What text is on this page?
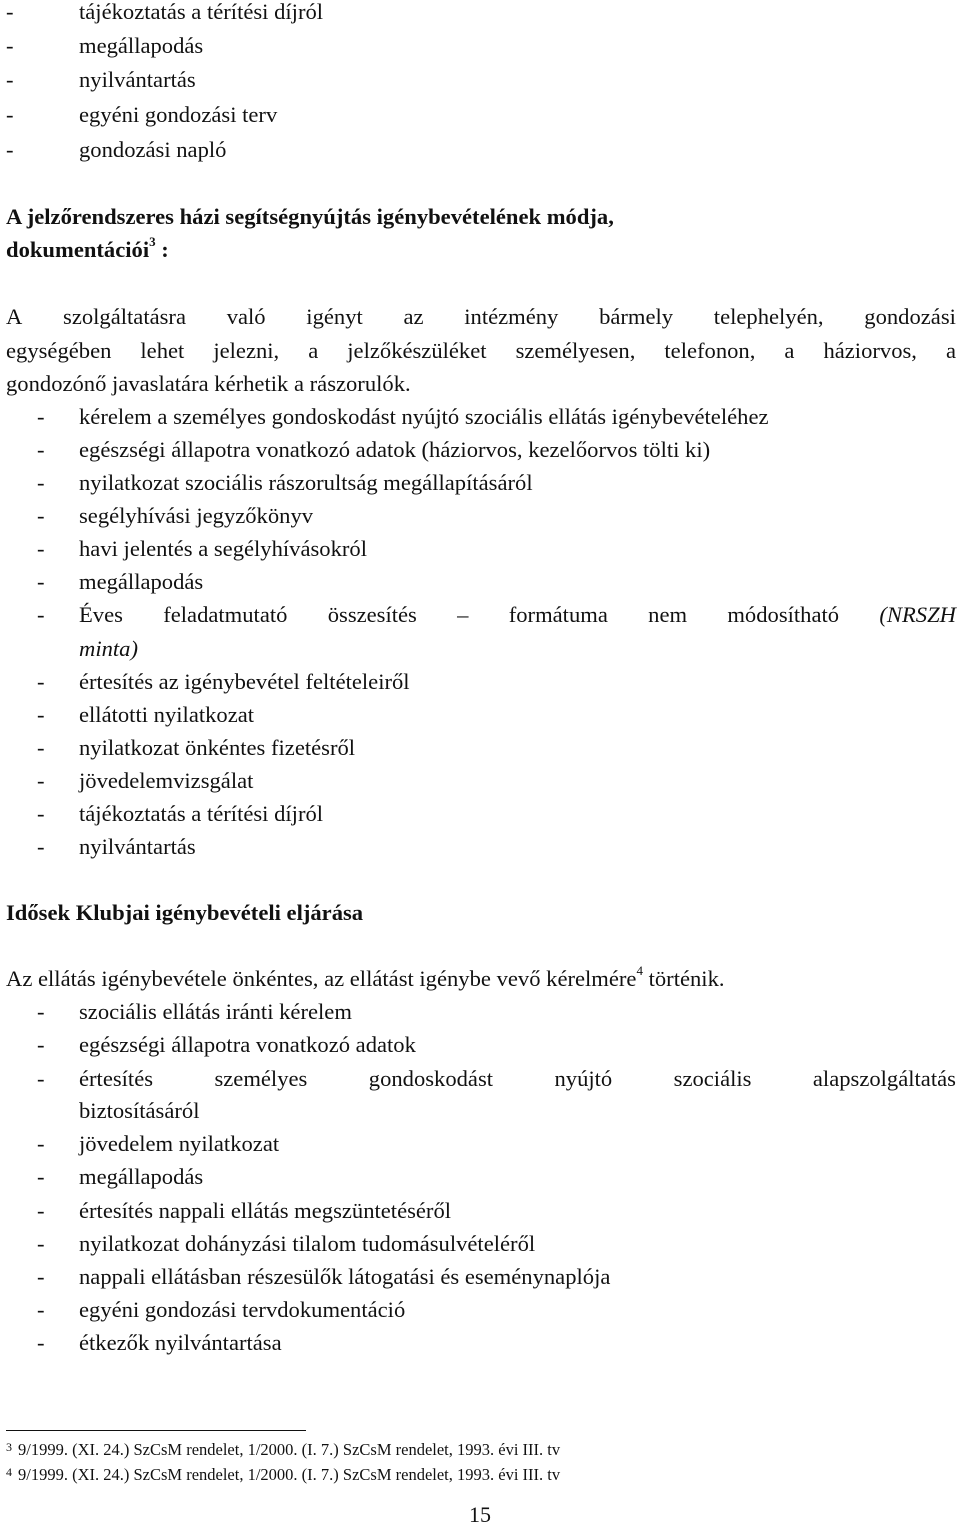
-	tájékoztatás a térítési díjról
-	megállapodás
-	nyilvántartás
-	egyéni gondozási terv
-	gondozási napló
A jelzőrendszeres házi segítségnyújtás igénybevételének módja,
dokumentációi$^3$ :
A szolgáltatásra való igényt az intézmény bármely telephelyén, gondozási
egységében lehet jelezni, a jelzőkészüléket személyesen, telefonon, a háziorvos, a
gondozónő javaslatára kérhetik a rászorulók.
- kérelem a személyes gondoskodást nyújtó szociális ellátás igénybevételéhez
- egészségi állapotra vonatkozó adatok (háziorvos, kezelőorvos tölti ki)
- nyilatkozat szociális rászorultság megállapításáról
- segélyhívási jegyzőkönyv
- havi jelentés a segélyhívásokról
- megállapodás
- Éves feladatmutató összesítés – formátuma nem módosítható (NRSZH
minta)
- értesítés az igénybevétel feltételeiről
- ellátotti nyilatkozat
- nyilatkozat önkéntes fizetésről
- jövedelemvizsgálat
- tájékoztatás a térítési díjról
- nyilvántartás
Idősek Klubjai igénybevételi eljárása
Az ellátás igénybevétele önkéntes, az ellátást igénybe vevő kérelmére$^4$ történik.
- szociális ellátás iránti kérelem
- egészségi állapotra vonatkozó adatok
- értesítés	személyes	gondoskodást	nyújtó	szociális	alapszolgáltatás
biztosításáról
- jövedelem nyilatkozat
- megállapodás
- értesítés nappali ellátás megszüntetéséről
- nyilatkozat dohányzási tilalom tudomásulvételéről
- nappali ellátásban részesülők látogatási és eseménynaplója
- egyéni gondozási tervdokumentáció
- étkezők nyilvántartása
$^3$ 9/1999. (XI. 24.) SzCsM rendelet, 1/2000. (I. 7.) SzCsM rendelet, 1993. évi III. tv
$^4$ 9/1999. (XI. 24.) SzCsM rendelet, 1/2000. (I. 7.) SzCsM rendelet, 1993. évi III. tv
15
